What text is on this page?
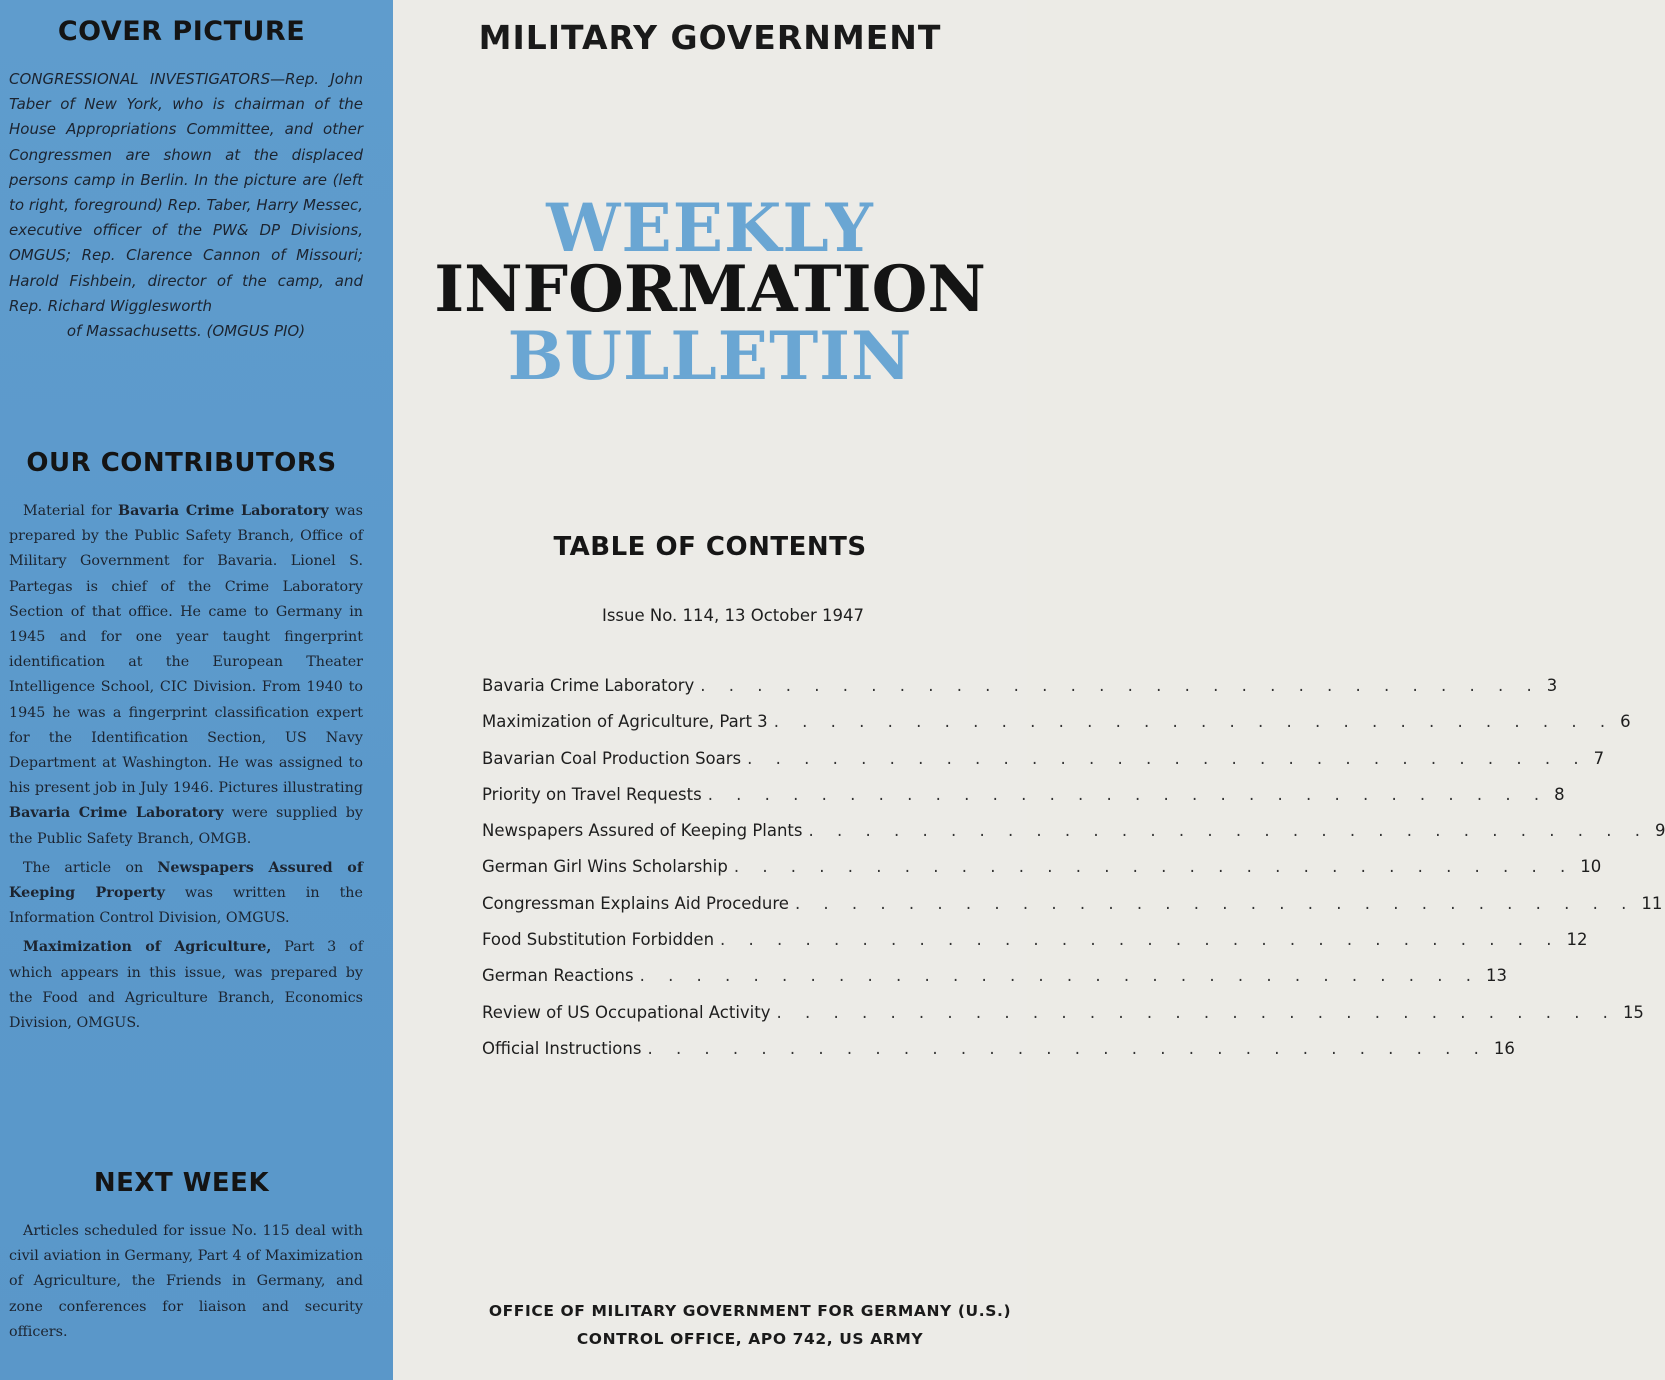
COVER PICTURE

CONGRESSIONAL INVESTIGATORS—Rep. John Taber of New York, who is chairman of the House Appropriations Committee, and other Congressmen are shown at the displaced persons camp in Berlin. In the picture are (left to right, foreground) Rep. Taber, Harry Messec, executive officer of the PW& DP Divisions, OMGUS; Rep. Clarence Cannon of Missouri; Harold Fishbein, director of the camp, and Rep. Richard Wigglesworth
of Massachusetts. (OMGUS PIO)

OUR CONTRIBUTORS

Material for Bavaria Crime Laboratory was prepared by the Public Safety Branch, Office of Military Government for Bavaria. Lionel S. Partegas is chief of the Crime Laboratory Section of that office. He came to Germany in 1945 and for one year taught fingerprint identification at the European Theater Intelligence School, CIC Division. From 1940 to 1945 he was a fingerprint classification expert for the Identification Section, US Navy Department at Washington. He was assigned to his present job in July 1946. Pictures illustrating Bavaria Crime Laboratory were supplied by the Public Safety Branch, OMGB.

The article on Newspapers Assured of Keeping Property was written in the Information Control Division, OMGUS.

Maximization of Agriculture, Part 3 of which appears in this issue, was prepared by the Food and Agriculture Branch, Economics Division, OMGUS.

NEXT WEEK

Articles scheduled for issue No. 115 deal with civil aviation in Germany, Part 4 of Maximization of Agriculture, the Friends in Germany, and zone conferences for liaison and security officers.

MILITARY GOVERNMENT
WEEKLY
INFORMATION
BULLETIN
TABLE OF CONTENTS
Issue No. 114, 13 October 1947
Bavaria Crime Laboratory . . . . . . . . . . . . . . . . . . . . . . . . . . . . . . 3
Maximization of Agriculture, Part 3 . . . . . . . . . . . . . . . . . . . . . . . . . . . . . . 6
Bavarian Coal Production Soars . . . . . . . . . . . . . . . . . . . . . . . . . . . . . . 7
Priority on Travel Requests . . . . . . . . . . . . . . . . . . . . . . . . . . . . . . 8
Newspapers Assured of Keeping Plants . . . . . . . . . . . . . . . . . . . . . . . . . . . . . . 9
German Girl Wins Scholarship . . . . . . . . . . . . . . . . . . . . . . . . . . . . . . 10
Congressman Explains Aid Procedure . . . . . . . . . . . . . . . . . . . . . . . . . . . . . . 11
Food Substitution Forbidden . . . . . . . . . . . . . . . . . . . . . . . . . . . . . . 12
German Reactions . . . . . . . . . . . . . . . . . . . . . . . . . . . . . . 13
Review of US Occupational Activity . . . . . . . . . . . . . . . . . . . . . . . . . . . . . . 15
Official Instructions . . . . . . . . . . . . . . . . . . . . . . . . . . . . . . 16

OFFICE OF MILITARY GOVERNMENT FOR GERMANY (U.S.)

CONTROL OFFICE, APO 742, US ARMY
